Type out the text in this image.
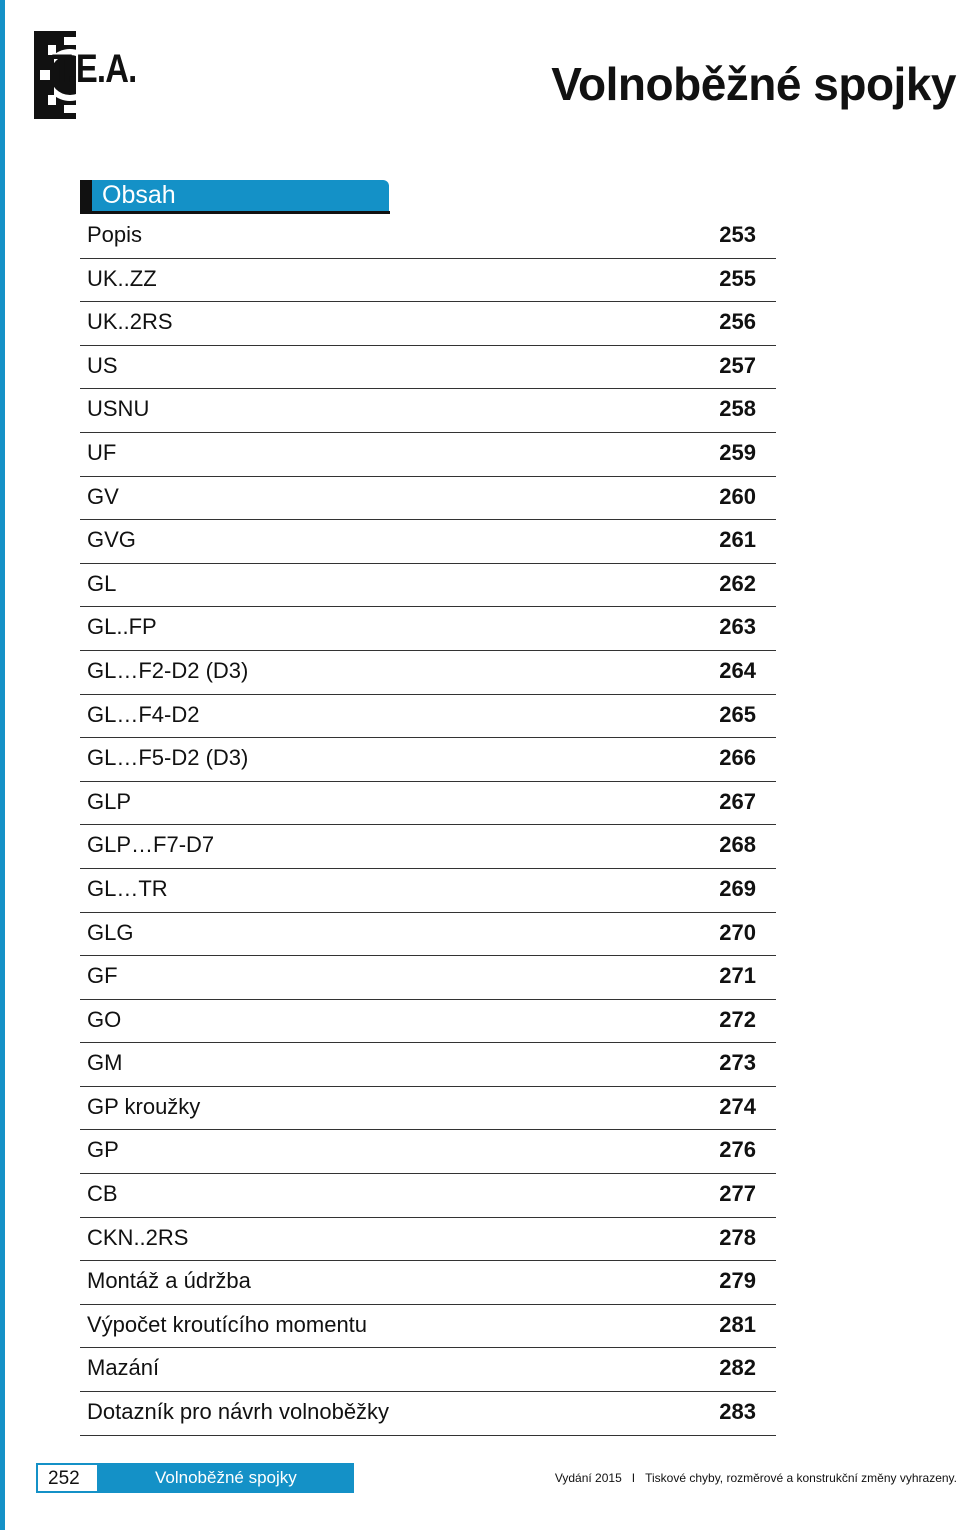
T.E.A.	Volnoběžné spojky
Obsah
Popis	253
UK..ZZ	255
UK..2RS	256
US	257
USNU	258
UF	259
GV	260
GVG	261
GL	262
GL..FP	263
GL…F2-D2 (D3)	264
GL…F4-D2	265
GL…F5-D2 (D3)	266
GLP	267
GLP…F7-D7	268
GL…TR	269
GLG	270
GF	271
GO	272
GM	273
GP kroužky	274
GP	276
CB	277
CKN..2RS	278
Montáž a údržba	279
Výpočet kroutícího momentu	281
Mazání	282
Dotazník pro návrh volnoběžky	283
252	Volnoběžné spojky	Vydání 2015 I Tiskové chyby, rozměrové a konstrukční změny vyhrazeny.
